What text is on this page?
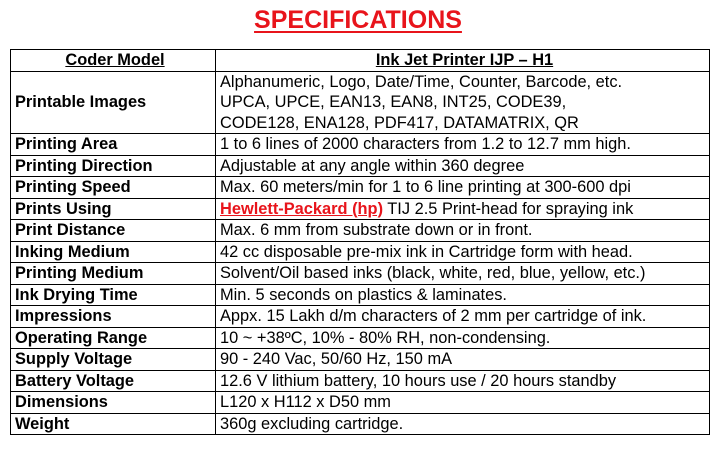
SPECIFICATIONS
Coder Model	Ink Jet Printer IJP – H1
Printable Images	Alphanumeric, Logo, Date/Time, Counter, Barcode, etc.
UPCA, UPCE, EAN13, EAN8, INT25, CODE39,
CODE128, ENA128, PDF417, DATAMATRIX, QR

Printing Area	1 to 6 lines of 2000 characters from 1.2 to 12.7 mm high.
Printing Direction	Adjustable at any angle within 360 degree
Printing Speed	Max. 60 meters/min for 1 to 6 line printing at 300-600 dpi
Prints Using	Hewlett-Packard (hp) TIJ 2.5 Print-head for spraying ink
Print Distance	Max. 6 mm from substrate down or in front.
Inking Medium	42 cc disposable pre-mix ink in Cartridge form with head.
Printing Medium	Solvent/Oil based inks (black, white, red, blue, yellow, etc.)
Ink Drying Time	Min. 5 seconds on plastics & laminates.
Impressions	Appx. 15 Lakh d/m characters of 2 mm per cartridge of ink.
Operating Range	10 ~ +38ºC, 10% - 80% RH, non-condensing.
Supply Voltage	90 - 240 Vac, 50/60 Hz, 150 mA
Battery Voltage	12.6 V lithium battery, 10 hours use / 20 hours standby
Dimensions	L120 x H112 x D50 mm
Weight	360g excluding cartridge.
